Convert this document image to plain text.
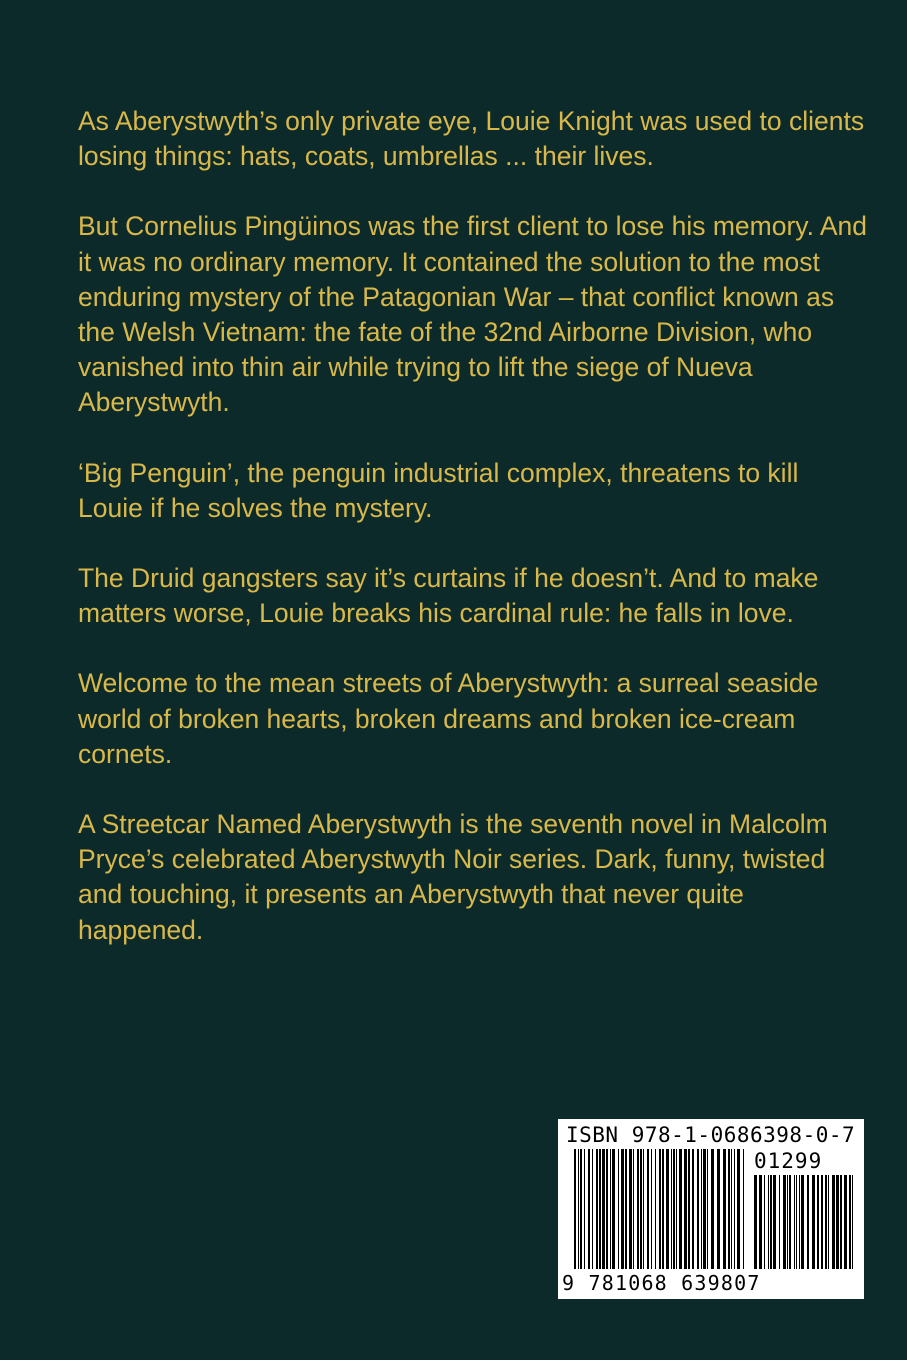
As Aberystwyth’s only private eye, Louie Knight was used to clients losing things: hats, coats, umbrellas ... their lives.

But Cornelius Pingüinos was the first client to lose his memory. And it was no ordinary memory. It contained the solution to the most enduring mystery of the Patagonian War – that conflict known as the Welsh Vietnam: the fate of the 32nd Airborne Division, who vanished into thin air while trying to lift the siege of Nueva Aberystwyth.

‘Big Penguin’, the penguin industrial complex, threatens to kill Louie if he solves the mystery.

The Druid gangsters say it’s curtains if he doesn’t. And to make matters worse, Louie breaks his cardinal rule: he falls in love.

Welcome to the mean streets of Aberystwyth: a surreal seaside world of broken hearts, broken dreams and broken ice-cream cornets.

A Streetcar Named Aberystwyth is the seventh novel in Malcolm Pryce’s celebrated Aberystwyth Noir series. Dark, funny, twisted and touching, it presents an Aberystwyth that never quite happened.

ISBN 978-1-0686398-0-7
01299
9 781068 639807
